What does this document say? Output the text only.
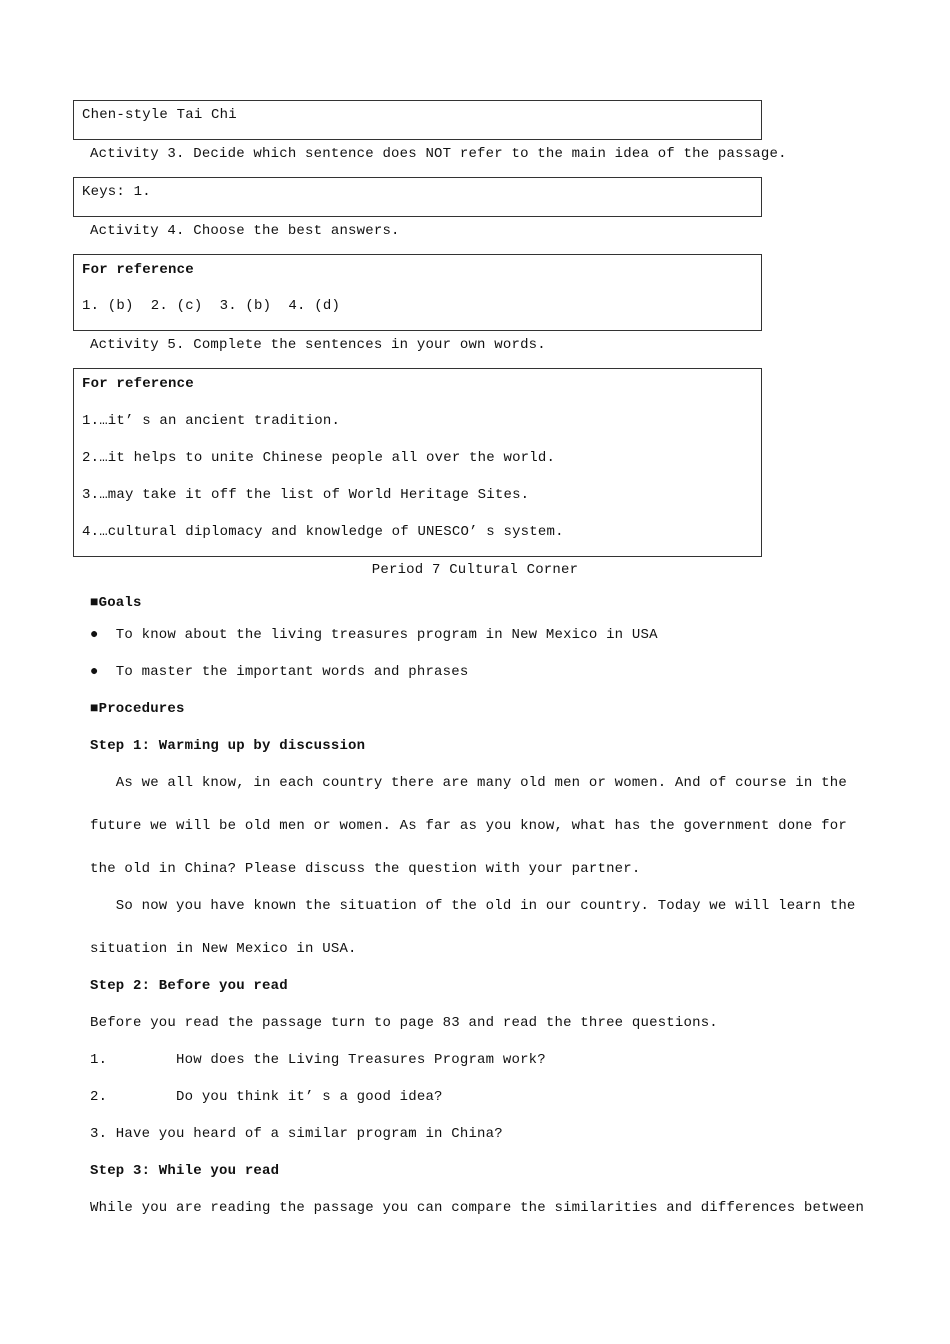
Chen-style Tai Chi
Activity 3. Decide which sentence does NOT refer to the main idea of the passage.
Keys: 1.
Activity 4. Choose the best answers.
For reference
1. (b)  2. (c)  3. (b)  4. (d)
Activity 5. Complete the sentences in your own words.
For reference
1.…it’ s an ancient tradition.
2.…it helps to unite Chinese people all over the world.
3.…may take it off the list of World Heritage Sites.
4.…cultural diplomacy and knowledge of UNESCO’ s system.
Period 7 Cultural Corner
■Goals
●  To know about the living treasures program in New Mexico in USA
●  To master the important words and phrases
■Procedures
Step 1: Warming up by discussion
As we all know, in each country there are many old men or women. And of course in the
future we will be old men or women. As far as you know, what has the government done for
the old in China? Please discuss the question with your partner.
So now you have known the situation of the old in our country. Today we will learn the
situation in New Mexico in USA.
Step 2: Before you read
Before you read the passage turn to page 83 and read the three questions.
1.        How does the Living Treasures Program work?
2.        Do you think it’ s a good idea?
3. Have you heard of a similar program in China?
Step 3: While you read
While you are reading the passage you can compare the similarities and differences between
